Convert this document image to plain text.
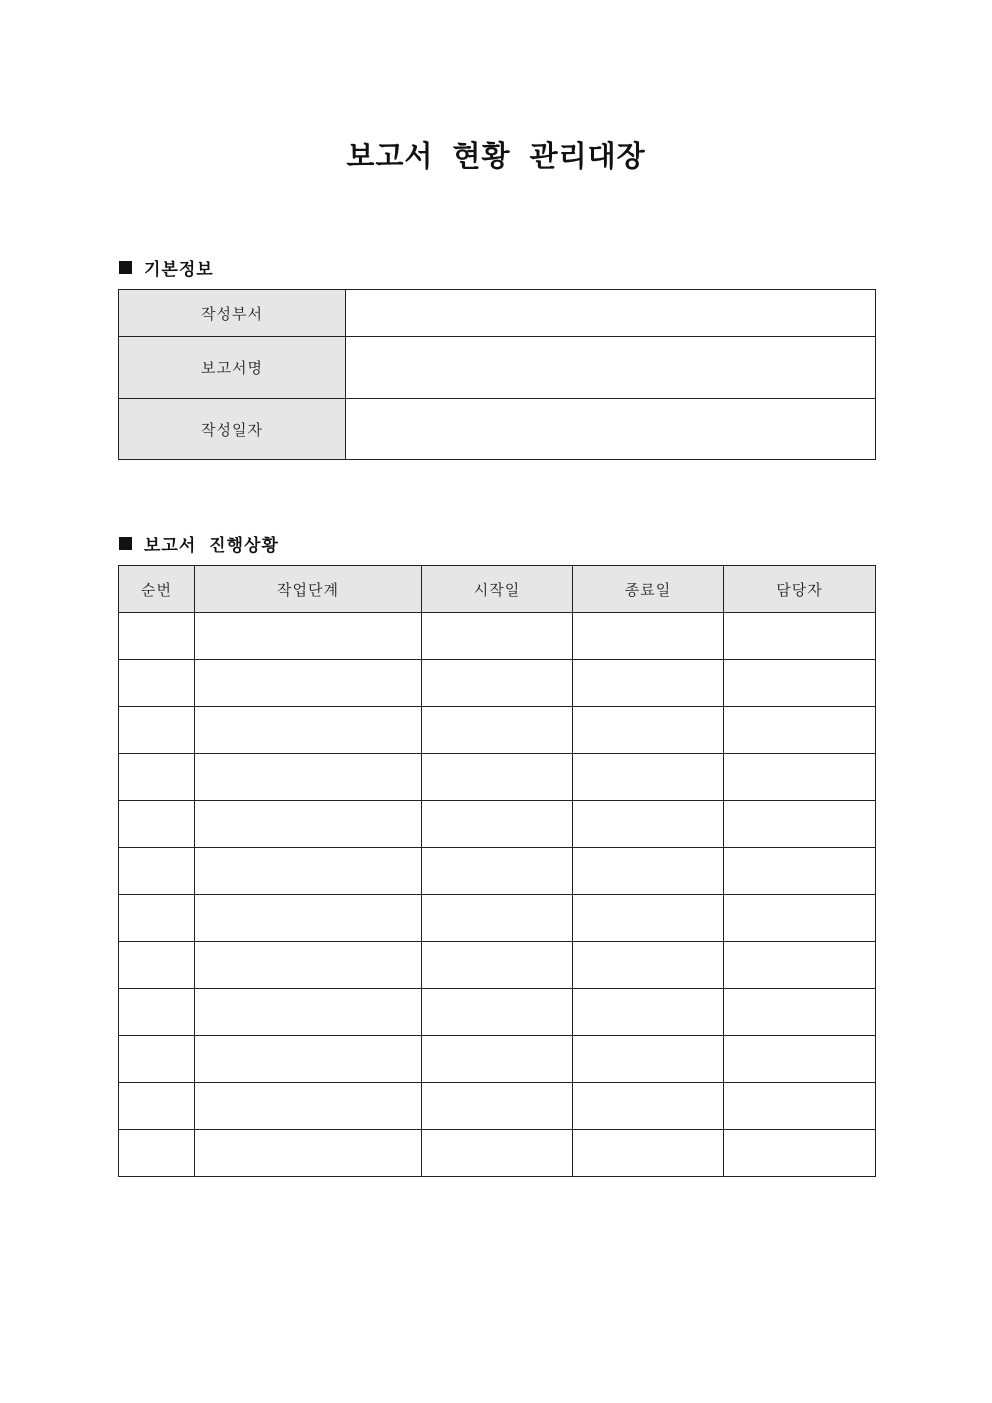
보고서 현황 관리대장
기본정보
작성부서	
보고서명	
작성일자	
보고서 진행상황
순번	작업단계	시작일	종료일	담당자
